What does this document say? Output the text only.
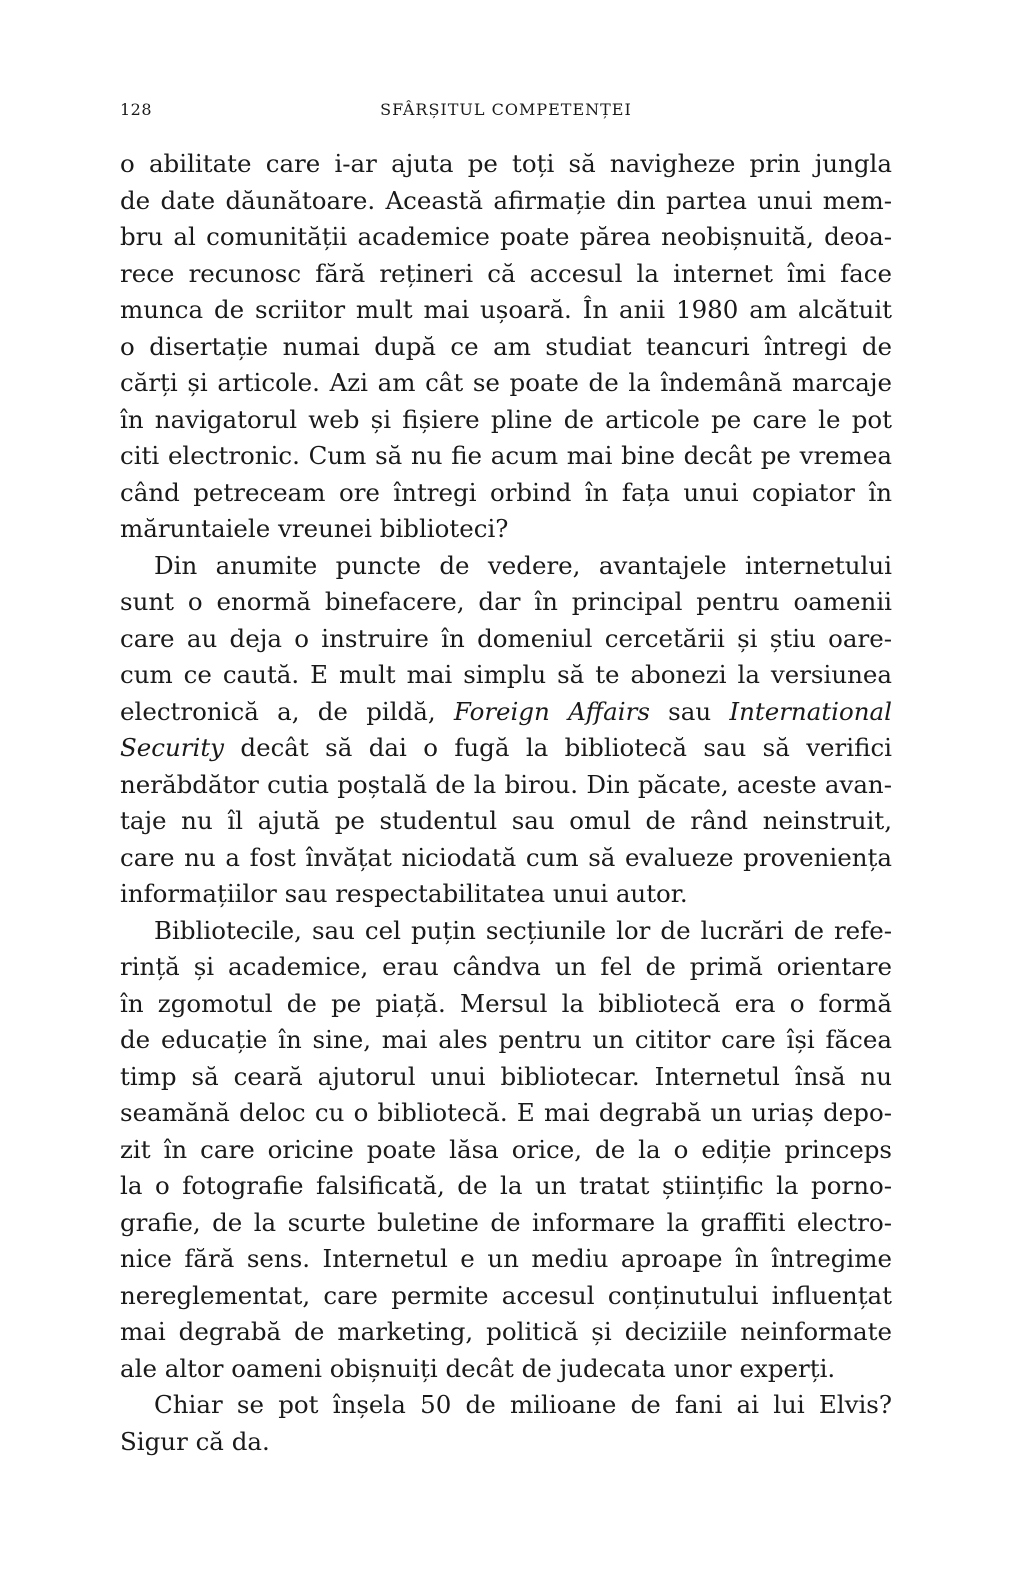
128	SFÂRȘITUL COMPETENȚEI
o abilitate care i-ar ajuta pe toți să navigheze prin jungla
de date dăunătoare. Această afirmație din partea unui mem-
bru al comunității academice poate părea neobișnuită, deoa-
rece recunosc fără rețineri că accesul la internet îmi face
munca de scriitor mult mai ușoară. În anii 1980 am alcătuit
o disertație numai după ce am studiat teancuri întregi de
cărți și articole. Azi am cât se poate de la îndemână marcaje
în navigatorul web și fișiere pline de articole pe care le pot
citi electronic. Cum să nu fie acum mai bine decât pe vremea
când petreceam ore întregi orbind în fața unui copiator în
măruntaiele vreunei biblioteci?
Din anumite puncte de vedere, avantajele internetului
sunt o enormă binefacere, dar în principal pentru oamenii
care au deja o instruire în domeniul cercetării și știu oare-
cum ce caută. E mult mai simplu să te abonezi la versiunea
electronică a, de pildă, Foreign Affairs sau International
Security decât să dai o fugă la bibliotecă sau să verifici
nerăbdător cutia poștală de la birou. Din păcate, aceste avan-
taje nu îl ajută pe studentul sau omul de rând neinstruit,
care nu a fost învățat niciodată cum să evalueze proveniența
informațiilor sau respectabilitatea unui autor.
Bibliotecile, sau cel puțin secțiunile lor de lucrări de refe-
rință și academice, erau cândva un fel de primă orientare
în zgomotul de pe piață. Mersul la bibliotecă era o formă
de educație în sine, mai ales pentru un cititor care își făcea
timp să ceară ajutorul unui bibliotecar. Internetul însă nu
seamănă deloc cu o bibliotecă. E mai degrabă un uriaș depo-
zit în care oricine poate lăsa orice, de la o ediție princeps
la o fotografie falsificată, de la un tratat științific la porno-
grafie, de la scurte buletine de informare la graffiti electro-
nice fără sens. Internetul e un mediu aproape în întregime
nereglementat, care permite accesul conținutului influențat
mai degrabă de marketing, politică și deciziile neinformate
ale altor oameni obișnuiți decât de judecata unor experți.
Chiar se pot înșela 50 de milioane de fani ai lui Elvis?
Sigur că da.
